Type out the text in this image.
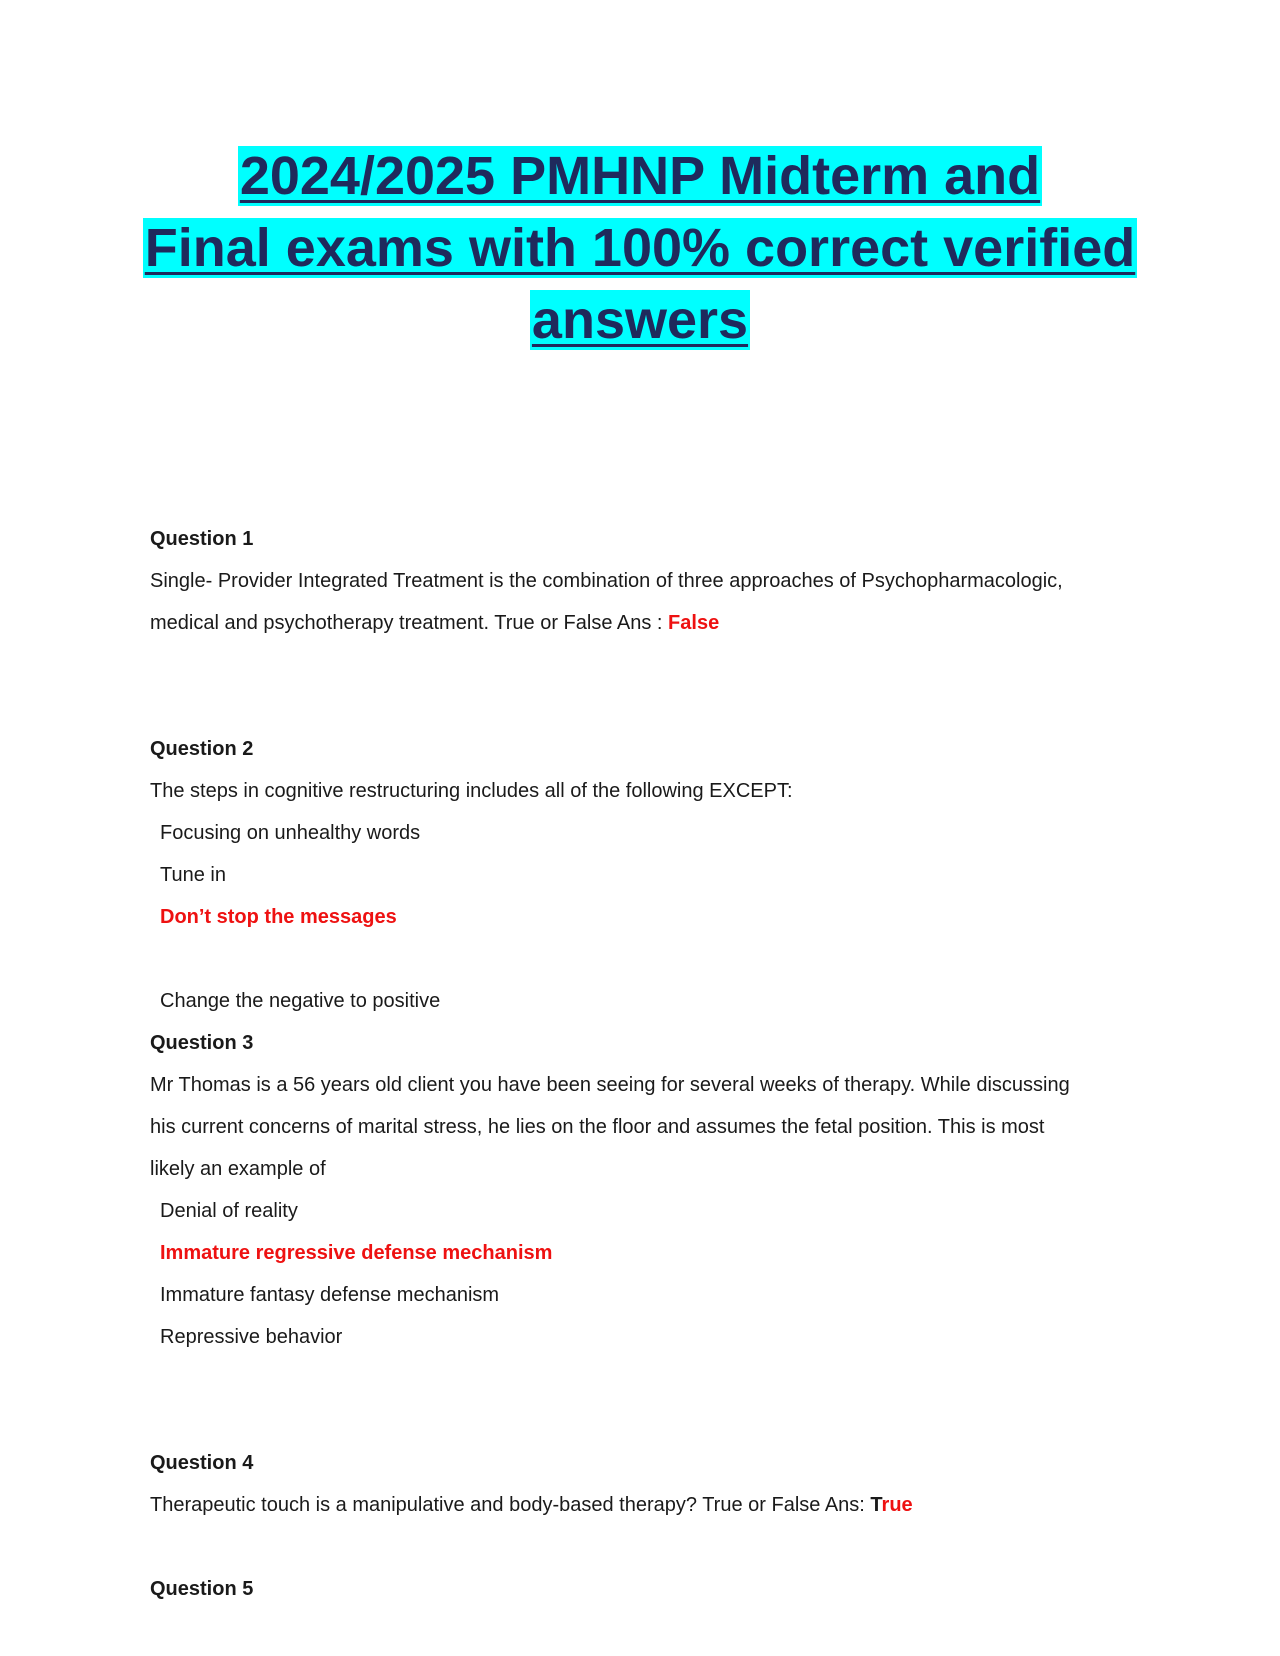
2024/2025 PMHNP Midterm and
Final exams with 100% correct verified
answers
Question 1
Single- Provider Integrated Treatment is the combination of three approaches of Psychopharmacologic,
medical and psychotherapy treatment. True or False Ans : False
Question 2
The steps in cognitive restructuring includes all of the following EXCEPT:
Focusing on unhealthy words
Tune in
Don’t stop the messages
Change the negative to positive
Question 3
Mr Thomas is a 56 years old client you have been seeing for several weeks of therapy. While discussing
his current concerns of marital stress, he lies on the floor and assumes the fetal position. This is most
likely an example of
Denial of reality
Immature regressive defense mechanism
Immature fantasy defense mechanism
Repressive behavior
Question 4
Therapeutic touch is a manipulative and body-based therapy? True or False Ans: True
Question 5
